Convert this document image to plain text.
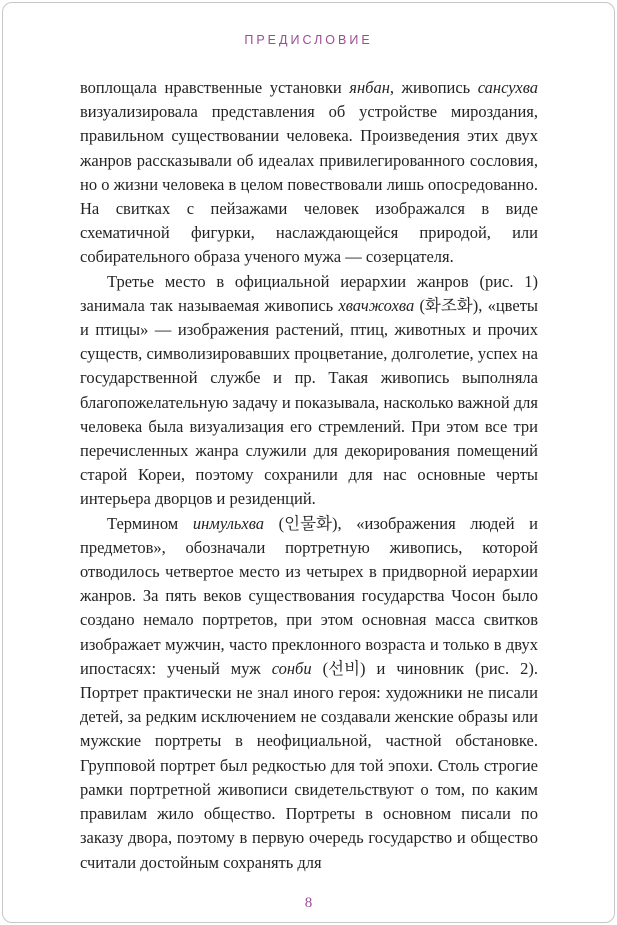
ПРЕДИСЛОВИЕ

воплощала нравственные установки янбан, живопись сансухва визуализировала представления об устройстве мироздания, правильном существовании человека. Произведения этих двух жанров рассказывали об идеалах привилегированного сословия, но о жизни человека в целом повествовали лишь опосредованно. На свитках с пейзажами человек изображался в виде схематичной фигурки, наслаждающейся природой, или собирательного образа ученого мужа — созерцателя.

Третье место в официальной иерархии жанров (рис. 1) занимала так называемая живопись хвачжохва (화조화), «цветы и птицы» — изображения растений, птиц, животных и прочих существ, символизировавших процветание, долголетие, успех на государственной службе и пр. Такая живопись выполняла благопожелательную задачу и показывала, насколько важной для человека была визуализация его стремлений. При этом все три перечисленных жанра служили для декорирования помещений старой Кореи, поэтому сохранили для нас основные черты интерьера дворцов и резиденций.

Термином инмульхва (인물화), «изображения людей и предметов», обозначали портретную живопись, которой отводилось четвертое место из четырех в придворной иерархии жанров. За пять веков существования государства Чосон было создано немало портретов, при этом основная масса свитков изображает мужчин, часто преклонного возраста и только в двух ипостасях: ученый муж сонби (선비) и чиновник (рис. 2). Портрет практически не знал иного героя: художники не писали детей, за редким исключением не создавали женские образы или мужские портреты в неофициальной, частной обстановке. Групповой портрет был редкостью для той эпохи. Столь строгие рамки портретной живописи свидетельствуют о том, по каким правилам жило общество. Портреты в основном писали по заказу двора, поэтому в первую очередь государство и общество считали достойным сохранять для

8
